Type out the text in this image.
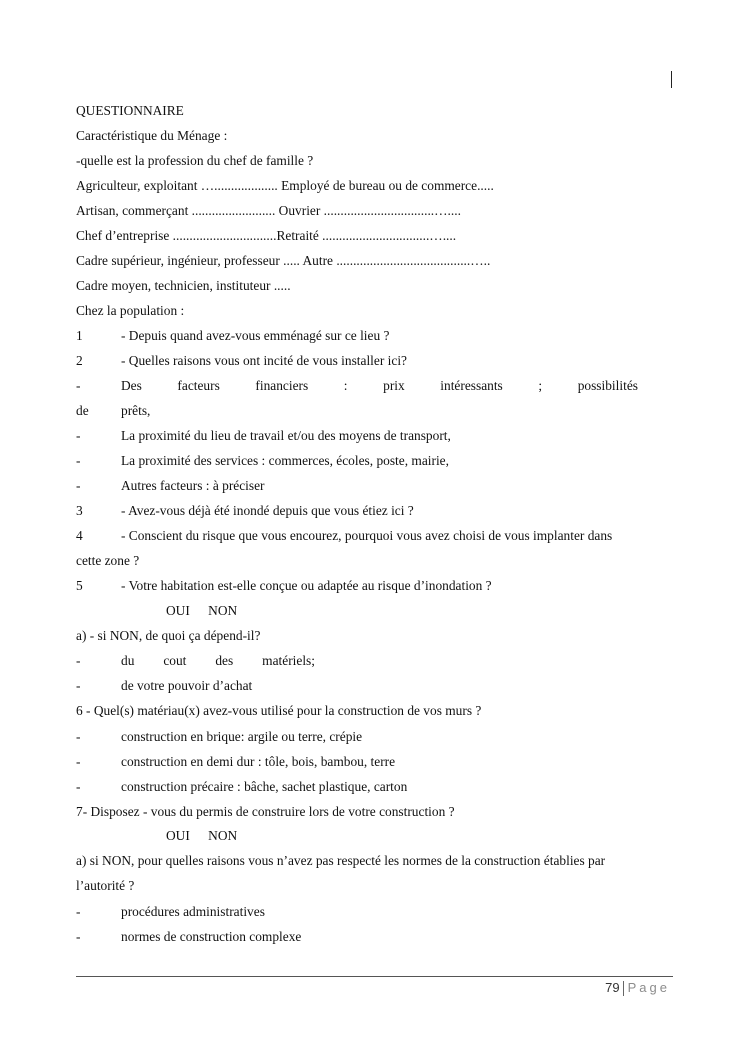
QUESTIONNAIRE
Caractéristique du Ménage :
-quelle est la profession du chef de famille ?
Agriculteur, exploitant …................... Employé de bureau ou de commerce.....
Artisan, commerçant ......................... Ouvrier .................................…....
Chef d’entreprise ...............................Retraité ................................…....
Cadre supérieur, ingénieur, professeur ..... Autre ........................................…..
Cadre moyen, technicien, instituteur .....
Chez la population :
1	- Depuis quand avez-vous emménagé sur ce lieu ?
2	- Quelles raisons vous ont incité de vous installer ici?
-	Des	facteurs	financiers	:	prix	intéressants	;	possibilités
de prêts,
-	La proximité du lieu de travail et/ou des moyens de transport,
-	La proximité des services : commerces, écoles, poste, mairie,
-	Autres facteurs : à préciser
3	- Avez-vous déjà été inondé depuis que vous étiez ici ?
4	- Conscient du risque que vous encourez, pourquoi vous avez choisi de vous implanter dans
cette zone ?
5	- Votre habitation est-elle conçue ou adaptée au risque d’inondation ?
OUI NON
a) - si NON, de quoi ça dépend-il?
-	du cout des matériels;
-	de votre pouvoir d’achat
6 - Quel(s) matériau(x) avez-vous utilisé pour la construction de vos murs ?
-	construction en brique: argile ou terre, crépie
-	construction en demi dur : tôle, bois, bambou, terre
-	construction précaire : bâche, sachet plastique, carton
7- Disposez - vous du permis de construire lors de votre construction ?
OUI NON
a) si NON, pour quelles raisons vous n’avez pas respecté les normes de la construction établies par
l’autorité ?
-	procédures administratives
-	normes de construction complexe
79 Page
